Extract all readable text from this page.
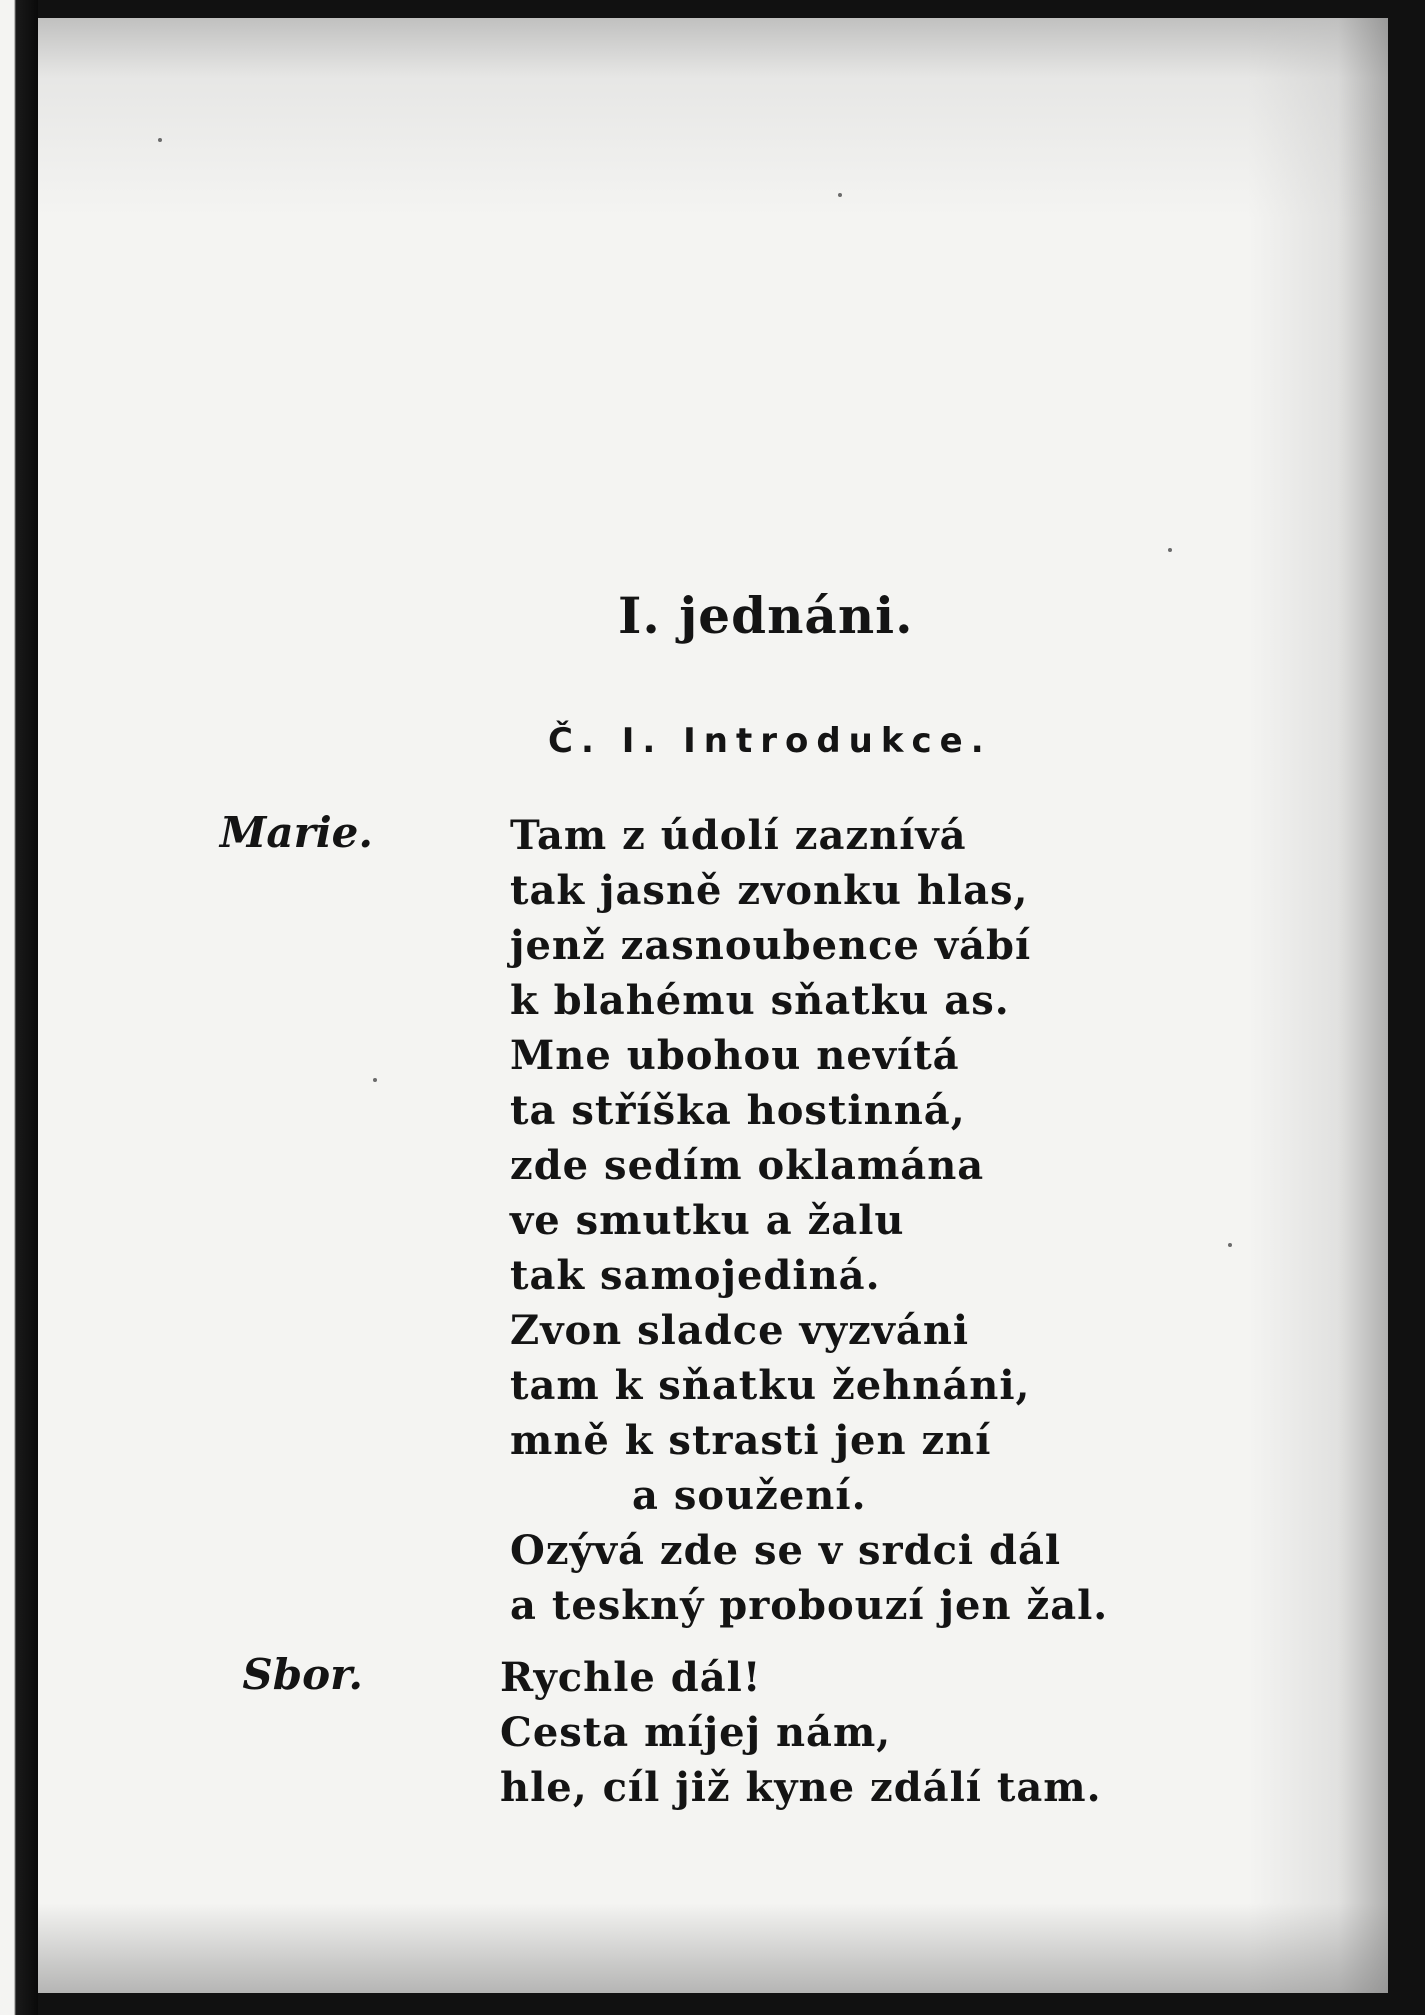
I. jednáni.
Č. I. Introdukce.
Marie.	Tam z údolí zaznívá
tak jasně zvonku hlas,
jenž zasnoubence vábí
k blahému sňatku as.
Mne ubohou nevítá
ta stříška hostinná,
zde sedím oklamána
ve smutku a žalu
tak samojediná.
Zvon sladce vyzváni
tam k sňatku žehnáni,
mně k strasti jen zní
a soužení.
Ozývá zde se v srdci dál
a teskný probouzí jen žal.
Sbor.	Rychle dál!
Cesta míjej nám,
hle, cíl již kyne zdálí tam.
